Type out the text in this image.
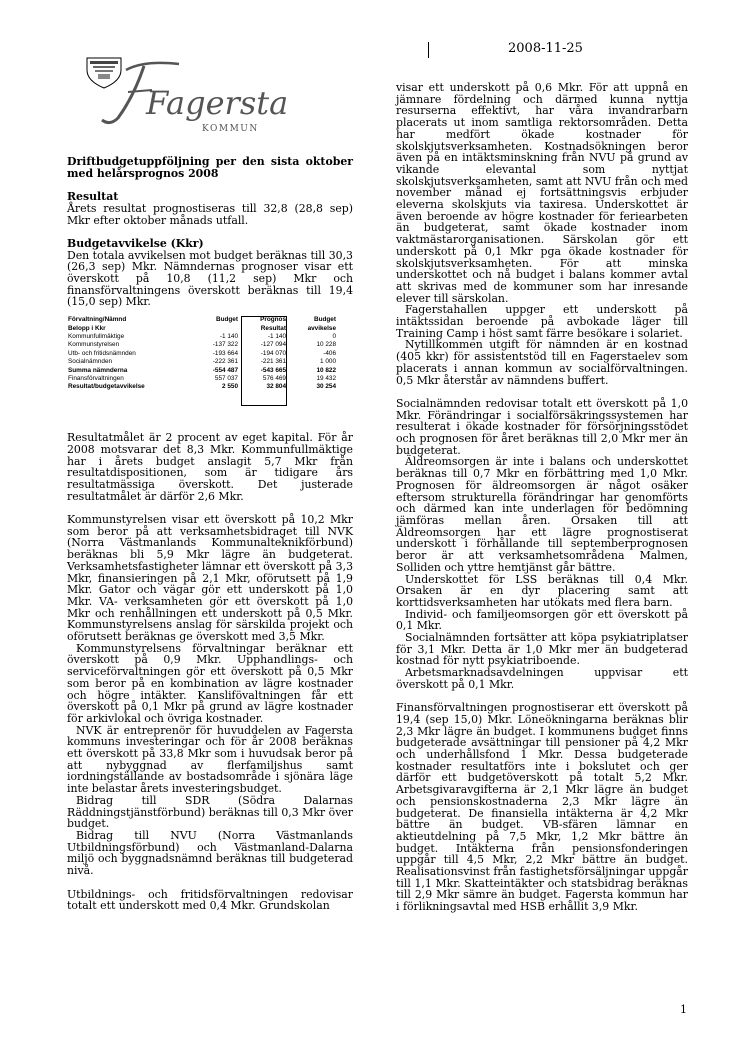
2008-11-25
Fagersta
KOMMUN

Driftbudgetuppföljning per den sista oktober med helårsprognos 2008

Resultat

Årets resultat prognostiseras till 32,8 (28,8 sep) Mkr efter oktober månads utfall.

Budgetavvikelse (Kkr)

Den totala avvikelsen mot budget beräknas till 30,3 (26,3 sep) Mkr. Nämndernas prognoser visar ett överskott på 10,8 (11,2 sep) Mkr och finansförvaltningens överskott beräknas till 19,4 (15,0 sep) Mkr.

Förvaltning/Nämnd	Budget	Prognos	Budget
Belopp i Kkr		Resultat	avvikelse
Kommunfullmäktige	-1 140	-1 140	0
Kommunstyrelsen	-137 322	-127 094	10 228
Utb- och fritidsnämnden	-193 664	-194 070	-406
Socialnämnden	-222 361	-221 361	1 000
Summa nämnderna	-554 487	-543 665	10 822
Finansförvaltningen	557 037	576 469	19 432
Resultat/budgetavvikelse	2 550	32 804	30 254

Resultatmålet är 2 procent av eget kapital. För år 2008 motsvarar det 8,3 Mkr. Kommunfullmäktige har i årets budget anslagit 5,7 Mkr från resultatdispositionen, som är tidigare års resultatmässiga överskott. Det justerade resultatmålet är därför 2,6 Mkr.

Kommunstyrelsen visar ett överskott på 10,2 Mkr som beror på att verksamhetsbidraget till NVK (Norra Västmanlands Kommunalteknikförbund) beräknas bli 5,9 Mkr lägre än budgeterat. Verksamhetsfastigheter lämnar ett överskott på 3,3 Mkr, finansieringen på 2,1 Mkr, oförutsett på 1,9 Mkr. Gator och vägar gör ett underskott på 1,0 Mkr. VA- verksamheten gör ett överskott på 1,0 Mkr och renhållningen ett underskott på 0,5 Mkr. Kommunstyrelsens anslag för särskilda projekt och oförutsett beräknas ge överskott med 3,5 Mkr.

Kommunstyrelsens förvaltningar beräknar ett överskott på 0,9 Mkr. Upphandlings- och serviceförvaltningen gör ett överskott på 0,5 Mkr som beror på en kombination av lägre kostnader och högre intäkter. Kanslifövaltningen får ett överskott på 0,1 Mkr på grund av lägre kostnader för arkivlokal och övriga kostnader.

NVK är entreprenör för huvuddelen av Fagersta kommuns investeringar och för år 2008 beräknas ett överskott på 33,8 Mkr som i huvudsak beror på att nybyggnad av flerfamiljshus samt iordningställande av bostadsområde i sjönära läge inte belastar årets investeringsbudget.

Bidrag till SDR (Södra Dalarnas Räddningstjänstförbund) beräknas till 0,3 Mkr över budget.

Bidrag till NVU (Norra Västmanlands Utbildningsförbund) och Västmanland-Dalarna miljö och byggnadsnämnd beräknas till budgeterad nivå.

Utbildnings- och fritidsförvaltningen redovisar totalt ett underskott med 0,4 Mkr. Grundskolan

visar ett underskott på 0,6 Mkr. För att uppnå en jämnare fördelning och därmed kunna nyttja resurserna effektivt, har våra invandrarbarn placerats ut inom samtliga rektorsområden. Detta har medfört ökade kostnader för skolskjutsverksamheten. Kostnadsökningen beror även på en intäktsminskning från NVU på grund av vikande elevantal som nyttjat skolskjutsverksamheten, samt att NVU från och med november månad ej fortsättningsvis erbjuder eleverna skolskjuts via taxiresa. Underskottet är även beroende av högre kostnader för feriearbeten än budgeterat, samt ökade kostnader inom vaktmästarorganisationen. Särskolan gör ett underskott på 0,1 Mkr pga ökade kostnader för skolskjutsverksamheten. För att minska underskottet och nå budget i balans kommer avtal att skrivas med de kommuner som har inresande elever till särskolan.

Fagerstahallen uppger ett underskott på intäktssidan beroende på avbokade läger till Training Camp i höst samt färre besökare i solariet.

Nytillkommen utgift för nämnden är en kostnad (405 kkr) för assistentstöd till en Fagerstaelev som placerats i annan kommun av socialförvaltningen. 0,5 Mkr återstår av nämndens buffert.

Socialnämnden redovisar totalt ett överskott på 1,0 Mkr. Förändringar i socialförsäkringssystemen har resulterat i ökade kostnader för försörjningsstödet och prognosen för året beräknas till 2,0 Mkr mer än budgeterat.

Äldreomsorgen är inte i balans och underskottet beräknas till 0,7 Mkr en förbättring med 1,0 Mkr. Prognosen för äldreomsorgen är något osäker eftersom strukturella förändringar har genomförts och därmed kan inte underlagen för bedömning jämföras mellan åren. Orsaken till att Äldreomsorgen har ett lägre prognostiserat underskott i förhållande till septemberprognosen beror är att verksamhetsområdena Malmen, Solliden och yttre hemtjänst går bättre.

Underskottet för LSS beräknas till 0,4 Mkr. Orsaken är en dyr placering samt att korttidsverksamheten har utökats med flera barn.

Individ- och familjeomsorgen gör ett överskott på 0,1 Mkr.

Socialnämnden fortsätter att köpa psykiatriplatser för 3,1 Mkr. Detta är 1,0 Mkr mer än budgeterad kostnad för nytt psykiatriboende.

Arbetsmarknadsavdelningen uppvisar ett överskott på 0,1 Mkr.

Finansförvaltningen prognostiserar ett överskott på 19,4 (sep 15,0) Mkr. Löneökningarna beräknas blir 2,3 Mkr lägre än budget. I kommunens budget finns budgeterade avsättningar till pensioner på 4,2 Mkr och underhållsfond 1 Mkr. Dessa budgeterade kostnader resultatförs inte i bokslutet och ger därför ett budgetöverskott på totalt 5,2 Mkr. Arbetsgivaravgifterna är 2,1 Mkr lägre än budget och pensionskostnaderna 2,3 Mkr lägre än budgeterat. De finansiella intäkterna är 4,2 Mkr bättre än budget. VB-sfären lämnar en aktieutdelning på 7,5 Mkr, 1,2 Mkr bättre än budget. Intäkterna från pensionsfonderingen uppgår till 4,5 Mkr, 2,2 Mkr bättre än budget. Realisationsvinst från fastighetsförsäljningar uppgår till 1,1 Mkr. Skatteintäkter och statsbidrag beräknas till 2,9 Mkr sämre än budget. Fagersta kommun har i förlikningsavtal med HSB erhållit 3,9 Mkr.

1
